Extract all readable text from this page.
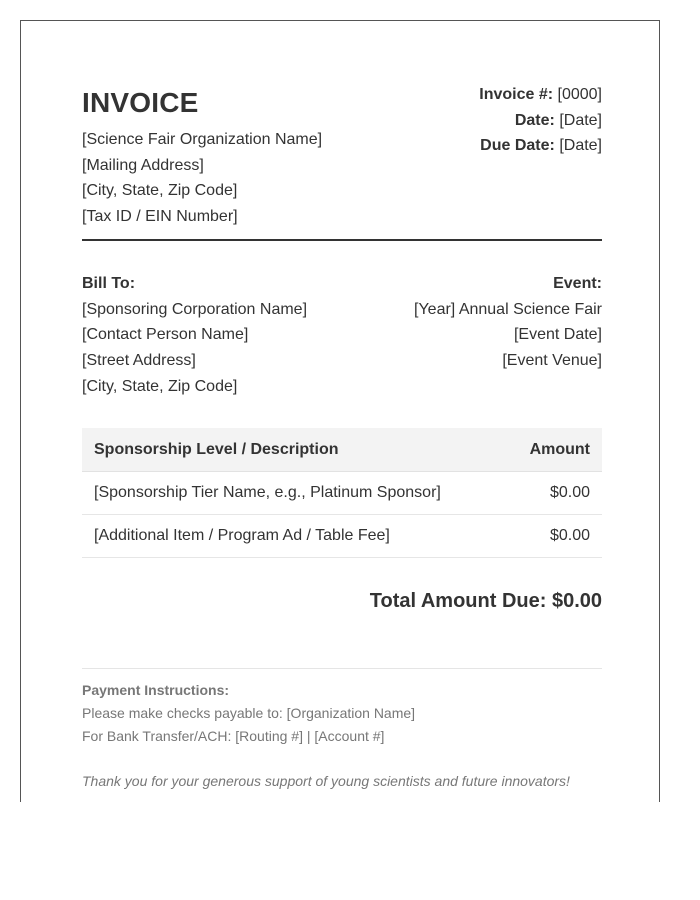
INVOICE
[Science Fair Organization Name]
[Mailing Address]
[City, State, Zip Code]
[Tax ID / EIN Number]
Invoice #: [0000]
Date: [Date]
Due Date: [Date]
Bill To:
[Sponsoring Corporation Name]
[Contact Person Name]
[Street Address]
[City, State, Zip Code]
Event:
[Year] Annual Science Fair
[Event Date]
[Event Venue]
Sponsorship Level / Description	Amount
[Sponsorship Tier Name, e.g., Platinum Sponsor]	$0.00
[Additional Item / Program Ad / Table Fee]	$0.00
Total Amount Due: $0.00
Payment Instructions:
Please make checks payable to: [Organization Name]
For Bank Transfer/ACH: [Routing #] | [Account #]
Thank you for your generous support of young scientists and future innovators!
